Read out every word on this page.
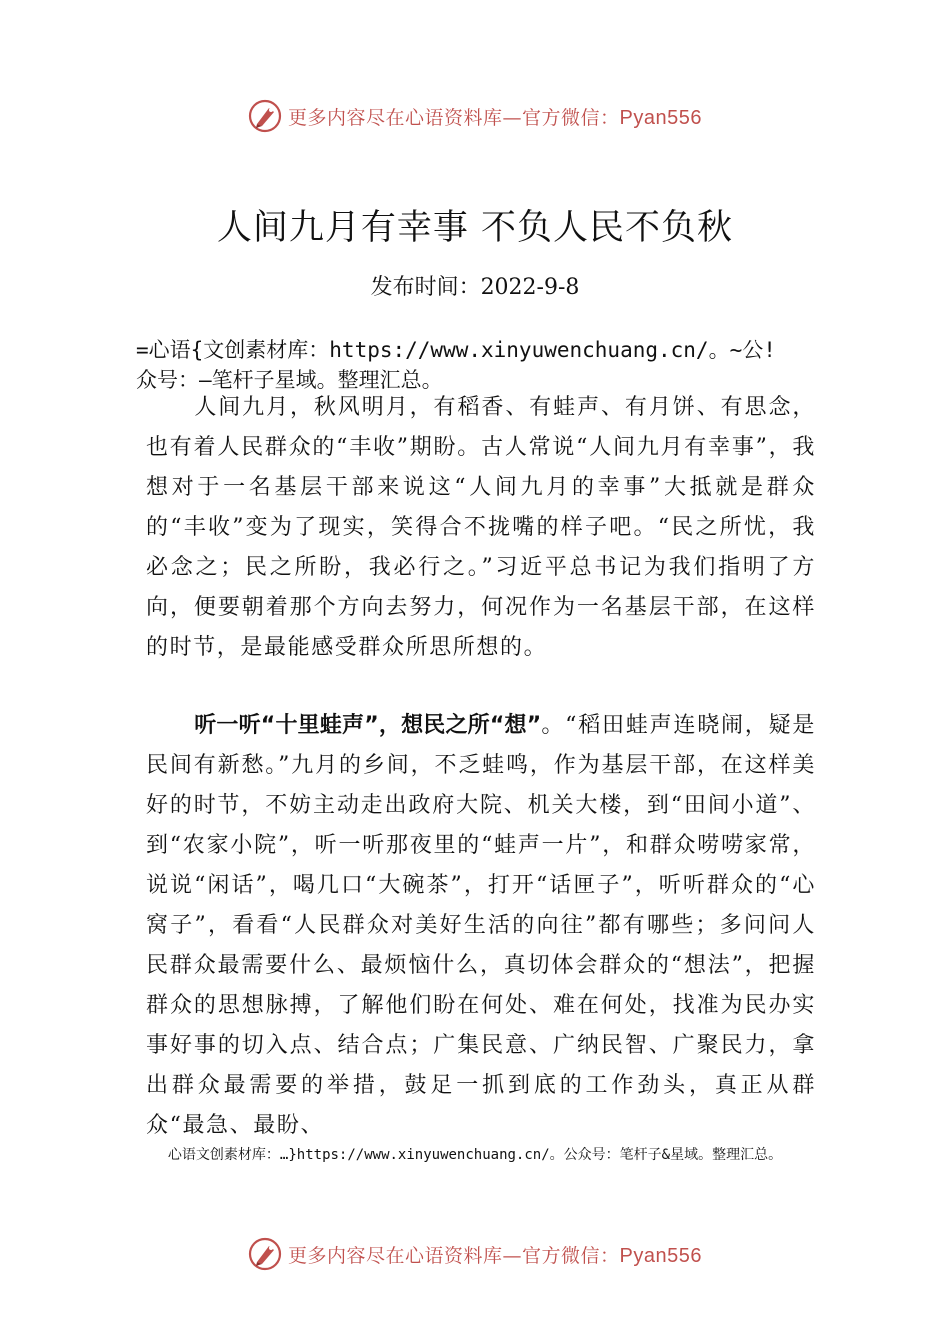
更多内容尽在心语资料库—官方微信：Pyan556
人间九月有幸事 不负人民不负秋
发布时间：2022-9-8
=心语{文创素材库：https://www.xinyuwenchuang.cn/。~公!
众号：—笔杆子星域。整理汇总。
人间九月，秋风明月，有稻香、有蛙声、有月饼、有思念，也有着人民群众的“丰收”期盼。古人常说“人间九月有幸事”，我想对于一名基层干部来说这“人间九月的幸事”大抵就是群众的“丰收”变为了现实，笑得合不拢嘴的样子吧。“民之所忧，我必念之；民之所盼，我必行之。”习近平总书记为我们指明了方向，便要朝着那个方向去努力，何况作为一名基层干部，在这样的时节，是最能感受群众所思所想的。
听一听“十里蛙声”，想民之所“想”。“稻田蛙声连晓闹，疑是民间有新愁。”九月的乡间，不乏蛙鸣，作为基层干部，在这样美好的时节，不妨主动走出政府大院、机关大楼，到“田间小道”、到“农家小院”，听一听那夜里的“蛙声一片”，和群众唠唠家常，说说“闲话”，喝几口“大碗茶”，打开“话匣子”，听听群众的“心窝子”，看看“人民群众对美好生活的向往”都有哪些；多问问人民群众最需要什么、最烦恼什么，真切体会群众的“想法”，把握群众的思想脉搏，了解他们盼在何处、难在何处，找准为民办实事好事的切入点、结合点；广集民意、广纳民智、广聚民力，拿出群众最需要的举措，鼓足一抓到底的工作劲头，真正从群众“最急、最盼、
心语文创素材库：…}https://www.xinyuwenchuang.cn/。公众号：笔杆子&星域。整理汇总。
更多内容尽在心语资料库—官方微信：Pyan556
